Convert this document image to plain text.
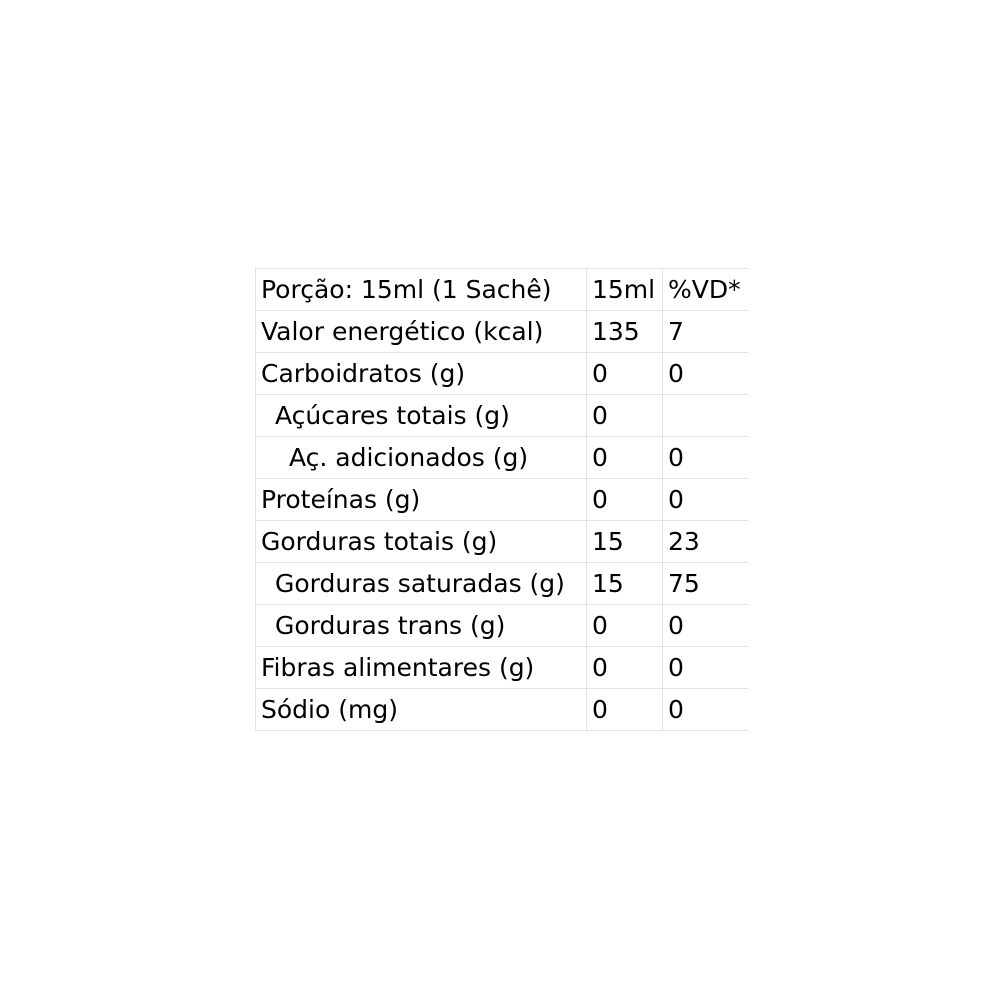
Porção: 15ml (1 Sachê)	15ml	%VD*
Valor energético (kcal)	135	7
Carboidratos (g)	0	0
Açúcares totais (g)	0	
Aç. adicionados (g)	0	0
Proteínas (g)	0	0
Gorduras totais (g)	15	23
Gorduras saturadas (g)	15	75
Gorduras trans (g)	0	0
Fibras alimentares (g)	0	0
Sódio (mg)	0	0
